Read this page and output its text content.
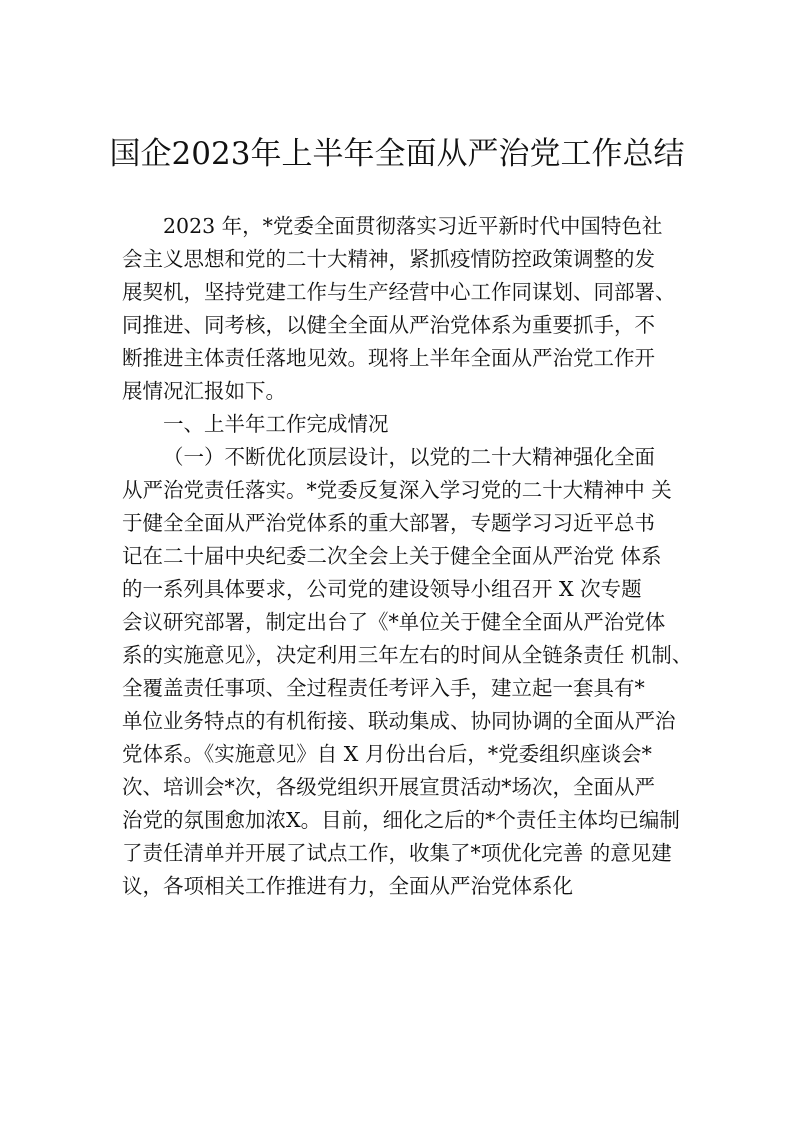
国企2023年上半年全面从严治党工作总结
2023 年，*党委全面贯彻落实习近平新时代中国特色社
会主义思想和党的二十大精神，紧抓疫情防控政策调整的发
展契机，坚持党建工作与生产经营中心工作同谋划、同部署、
同推进、同考核，以健全全面从严治党体系为重要抓手，不
断推进主体责任落地见效。现将上半年全面从严治党工作开
展情况汇报如下。
一、上半年工作完成情况
（一）不断优化顶层设计，以党的二十大精神强化全面
从严治党责任落实。*党委反复深入学习党的二十大精神中 关
于健全全面从严治党体系的重大部署，专题学习习近平总书
记在二十届中央纪委二次全会上关于健全全面从严治党 体系
的一系列具体要求，公司党的建设领导小组召开 X 次专题
会议研究部署，制定出台了《*单位关于健全全面从严治党体
系的实施意见》，决定利用三年左右的时间从全链条责任 机制、
全覆盖责任事项、全过程责任考评入手，建立起一套具有*
单位业务特点的有机衔接、联动集成、协同协调的全面从严治
党体系。《实施意见》自 X 月份出台后，*党委组织座谈会*
次、培训会*次，各级党组织开展宣贯活动*场次，全面从严
治党的氛围愈加浓X。目前，细化之后的*个责任主体均已编制
了责任清单并开展了试点工作，收集了*项优化完善 的意见建
议，各项相关工作推进有力，全面从严治党体系化
